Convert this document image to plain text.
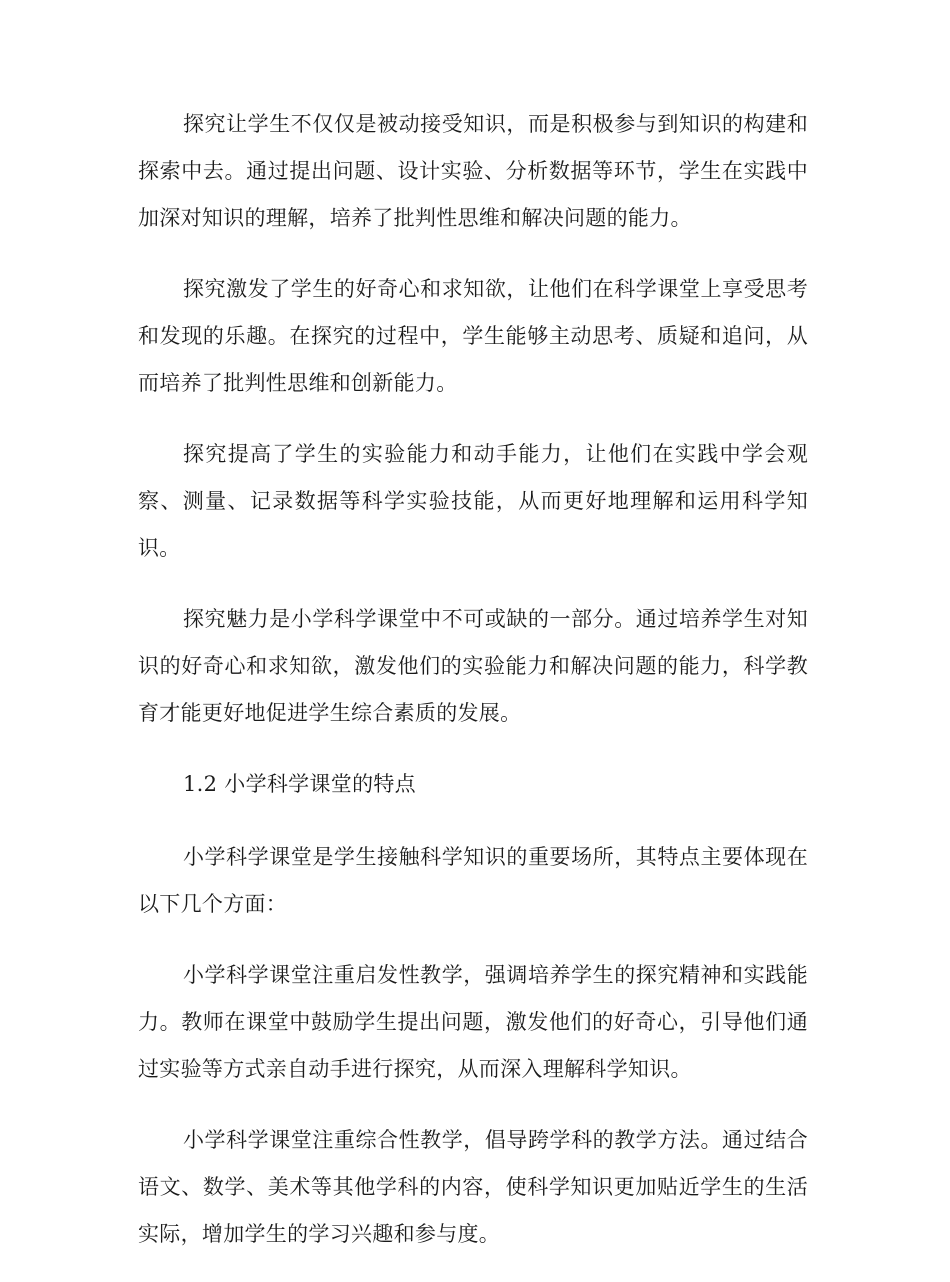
探究让学生不仅仅是被动接受知识，而是积极参与到知识的构建和探索中去。通过提出问题、设计实验、分析数据等环节，学生在实践中加深对知识的理解，培养了批判性思维和解决问题的能力。

探究激发了学生的好奇心和求知欲，让他们在科学课堂上享受思考和发现的乐趣。在探究的过程中，学生能够主动思考、质疑和追问，从而培养了批判性思维和创新能力。

探究提高了学生的实验能力和动手能力，让他们在实践中学会观察、测量、记录数据等科学实验技能，从而更好地理解和运用科学知识。

探究魅力是小学科学课堂中不可或缺的一部分。通过培养学生对知识的好奇心和求知欲，激发他们的实验能力和解决问题的能力，科学教育才能更好地促进学生综合素质的发展。

1.2 小学科学课堂的特点

小学科学课堂是学生接触科学知识的重要场所，其特点主要体现在以下几个方面：

小学科学课堂注重启发性教学，强调培养学生的探究精神和实践能力。教师在课堂中鼓励学生提出问题，激发他们的好奇心，引导他们通过实验等方式亲自动手进行探究，从而深入理解科学知识。

小学科学课堂注重综合性教学，倡导跨学科的教学方法。通过结合语文、数学、美术等其他学科的内容，使科学知识更加贴近学生的生活实际，增加学生的学习兴趣和参与度。
